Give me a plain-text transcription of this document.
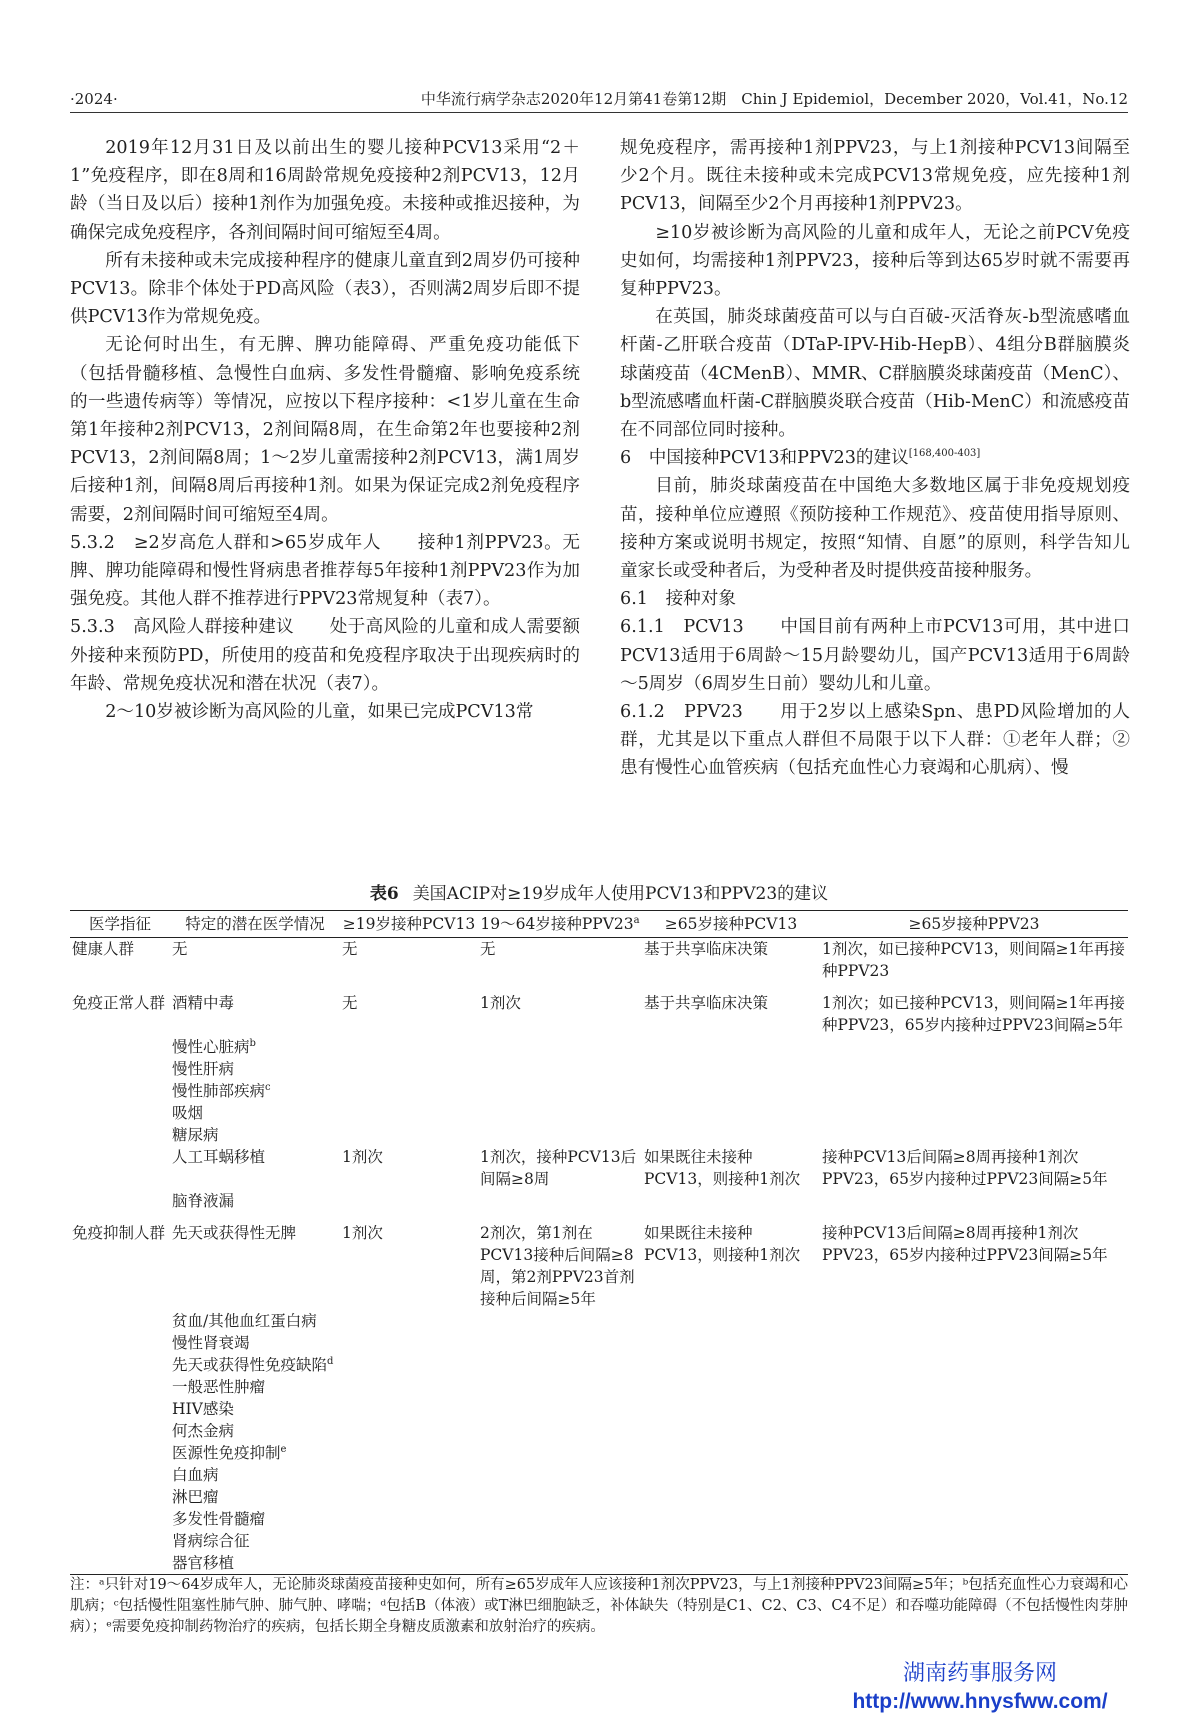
·2024·	中华流行病学杂志2020年12月第41卷第12期　Chin J Epidemiol，December 2020，Vol.41，No.12

2019年12月31日及以前出生的婴儿接种PCV13采用“2＋1”免疫程序，即在8周和16周龄常规免疫接种2剂PCV13，12月龄（当日及以后）接种1剂作为加强免疫。未接种或推迟接种，为确保完成免疫程序，各剂间隔时间可缩短至4周。

所有未接种或未完成接种程序的健康儿童直到2周岁仍可接种PCV13。除非个体处于PD高风险（表3），否则满2周岁后即不提供PCV13作为常规免疫。

无论何时出生，有无脾、脾功能障碍、严重免疫功能低下（包括骨髓移植、急慢性白血病、多发性骨髓瘤、影响免疫系统的一些遗传病等）等情况，应按以下程序接种：<1岁儿童在生命第1年接种2剂PCV13，2剂间隔8周，在生命第2年也要接种2剂PCV13，2剂间隔8周；1～2岁儿童需接种2剂PCV13，满1周岁后接种1剂，间隔8周后再接种1剂。如果为保证完成2剂免疫程序需要，2剂间隔时间可缩短至4周。

5.3.2　≥2岁高危人群和>65岁成年人　　 接种1剂PPV23。无脾、脾功能障碍和慢性肾病患者推荐每5年接种1剂PPV23作为加强免疫。其他人群不推荐进行PPV23常规复种（表7）。

5.3.3　高风险人群接种建议　　 处于高风险的儿童和成人需要额外接种来预防PD，所使用的疫苗和免疫程序取决于出现疾病时的年龄、常规免疫状况和潜在状况（表7）。

2～10岁被诊断为高风险的儿童，如果已完成PCV13常

规免疫程序，需再接种1剂PPV23，与上1剂接种PCV13间隔至少2个月。既往未接种或未完成PCV13常规免疫，应先接种1剂PCV13，间隔至少2个月再接种1剂PPV23。

≥10岁被诊断为高风险的儿童和成年人，无论之前PCV免疫史如何，均需接种1剂PPV23，接种后等到达65岁时就不需要再复种PPV23。

在英国，肺炎球菌疫苗可以与白百破-灭活脊灰-b型流感嗜血杆菌-乙肝联合疫苗（DTaP-IPV-Hib-HepB）、4组分B群脑膜炎球菌疫苗（4CMenB）、MMR、C群脑膜炎球菌疫苗（MenC）、b型流感嗜血杆菌-C群脑膜炎联合疫苗（Hib-MenC）和流感疫苗在不同部位同时接种。

6　中国接种PCV13和PPV23的建议[168,400-403]

目前，肺炎球菌疫苗在中国绝大多数地区属于非免疫规划疫苗，接种单位应遵照《预防接种工作规范》、疫苗使用指导原则、接种方案或说明书规定，按照“知情、自愿”的原则，科学告知儿童家长或受种者后，为受种者及时提供疫苗接种服务。

6.1　接种对象

6.1.1　PCV13　　 中国目前有两种上市PCV13可用，其中进口PCV13适用于6周龄～15月龄婴幼儿，国产PCV13适用于6周龄～5周岁（6周岁生日前）婴幼儿和儿童。

6.1.2　PPV23　　 用于2岁以上感染Spn、患PD风险增加的人群，尤其是以下重点人群但不局限于以下人群：①老年人群；②患有慢性心血管疾病（包括充血性心力衰竭和心肌病）、慢

表6 美国ACIP对≥19岁成年人使用PCV13和PPV23的建议
医学指征	特定的潜在医学情况	≥19岁接种PCV13	19～64岁接种$PPV23^a$	≥65岁接种PCV13	≥65岁接种PPV23
健康人群	无	无	无	基于共享临床决策	1剂次，如已接种PCV13，则间隔≥1年再接种PPV23
免疫正常人群	酒精中毒	无	1剂次	基于共享临床决策	1剂次；如已接种PCV13，则间隔≥1年再接种PPV23，65岁内接种过PPV23间隔≥5年
	慢性心脏病$^b$				
	慢性肝病				
	慢性肺部疾病$^c$				
	吸烟				
	糖尿病				
	人工耳蜗移植	1剂次	1剂次，接种PCV13后间隔≥8周	如果既往未接种PCV13，则接种1剂次	接种PCV13后间隔≥8周再接种1剂次PPV23，65岁内接种过PPV23间隔≥5年
	脑脊液漏				
免疫抑制人群	先天或获得性无脾	1剂次	2剂次，第1剂在PCV13接种后间隔≥8周，第2剂PPV23首剂接种后间隔≥5年	如果既往未接种PCV13，则接种1剂次	接种PCV13后间隔≥8周再接种1剂次PPV23，65岁内接种过PPV23间隔≥5年
	贫血/其他血红蛋白病				
	慢性肾衰竭				
	先天或获得性免疫缺陷$^d$				
	一般恶性肿瘤				
	HIV感染				
	何杰金病				
	医源性免疫抑制$^e$				
	白血病				
	淋巴瘤				
	多发性骨髓瘤				
	肾病综合征				
	器官移植				
注：ᵃ只针对19～64岁成年人，无论肺炎球菌疫苗接种史如何，所有≥65岁成年人应该接种1剂次PPV23，与上1剂接种PPV23间隔≥5年；ᵇ包括充血性心力衰竭和心肌病；ᶜ包括慢性阻塞性肺气肿、肺气肿、哮喘；ᵈ包括B（体液）或T淋巴细胞缺乏，补体缺失（特别是C1、C2、C3、C4不足）和吞噬功能障碍（不包括慢性肉芽肿病）；ᵉ需要免疫抑制药物治疗的疾病，包括长期全身糖皮质激素和放射治疗的疾病。
湖南药事服务网
http://www.hnysfww.com/
